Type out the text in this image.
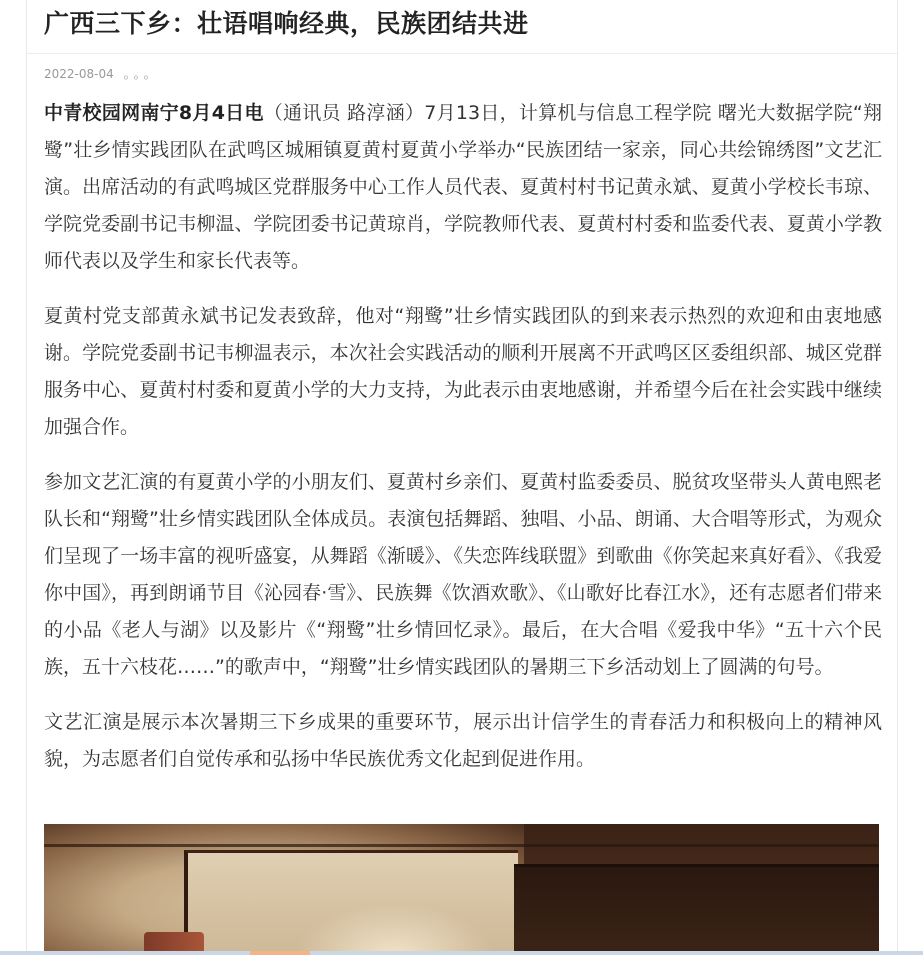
广西三下乡：壮语唱响经典，民族团结共进
2022-08-04 。。。

中青校园网南宁8月4日电（通讯员 路淳涵）7月13日，计算机与信息工程学院 曙光大数据学院“翔鹭”壮乡情实践团队在武鸣区城厢镇夏黄村夏黄小学举办“民族团结一家亲，同心共绘锦绣图”文艺汇演。出席活动的有武鸣城区党群服务中心工作人员代表、夏黄村村书记黄永斌、夏黄小学校长韦琼、学院党委副书记韦柳温、学院团委书记黄琼肖，学院教师代表、夏黄村村委和监委代表、夏黄小学教师代表以及学生和家长代表等。

夏黄村党支部黄永斌书记发表致辞，他对“翔鹭”壮乡情实践团队的到来表示热烈的欢迎和由衷地感谢。学院党委副书记韦柳温表示，本次社会实践活动的顺利开展离不开武鸣区区委组织部、城区党群服务中心、夏黄村村委和夏黄小学的大力支持，为此表示由衷地感谢，并希望今后在社会实践中继续加强合作。

参加文艺汇演的有夏黄小学的小朋友们、夏黄村乡亲们、夏黄村监委委员、脱贫攻坚带头人黄电熙老队长和“翔鹭”壮乡情实践团队全体成员。表演包括舞蹈、独唱、小品、朗诵、大合唱等形式，为观众们呈现了一场丰富的视听盛宴，从舞蹈《渐暖》、《失恋阵线联盟》到歌曲《你笑起来真好看》、《我爱你中国》，再到朗诵节目《沁园春·雪》、民族舞《饮酒欢歌》、《山歌好比春江水》，还有志愿者们带来的小品《老人与湖》以及影片《“翔鹭”壮乡情回忆录》。最后，在大合唱《爱我中华》“五十六个民族，五十六枝花……”的歌声中，“翔鹭”壮乡情实践团队的暑期三下乡活动划上了圆满的句号。

文艺汇演是展示本次暑期三下乡成果的重要环节，展示出计信学生的青春活力和积极向上的精神风貌，为志愿者们自觉传承和弘扬中华民族优秀文化起到促进作用。
